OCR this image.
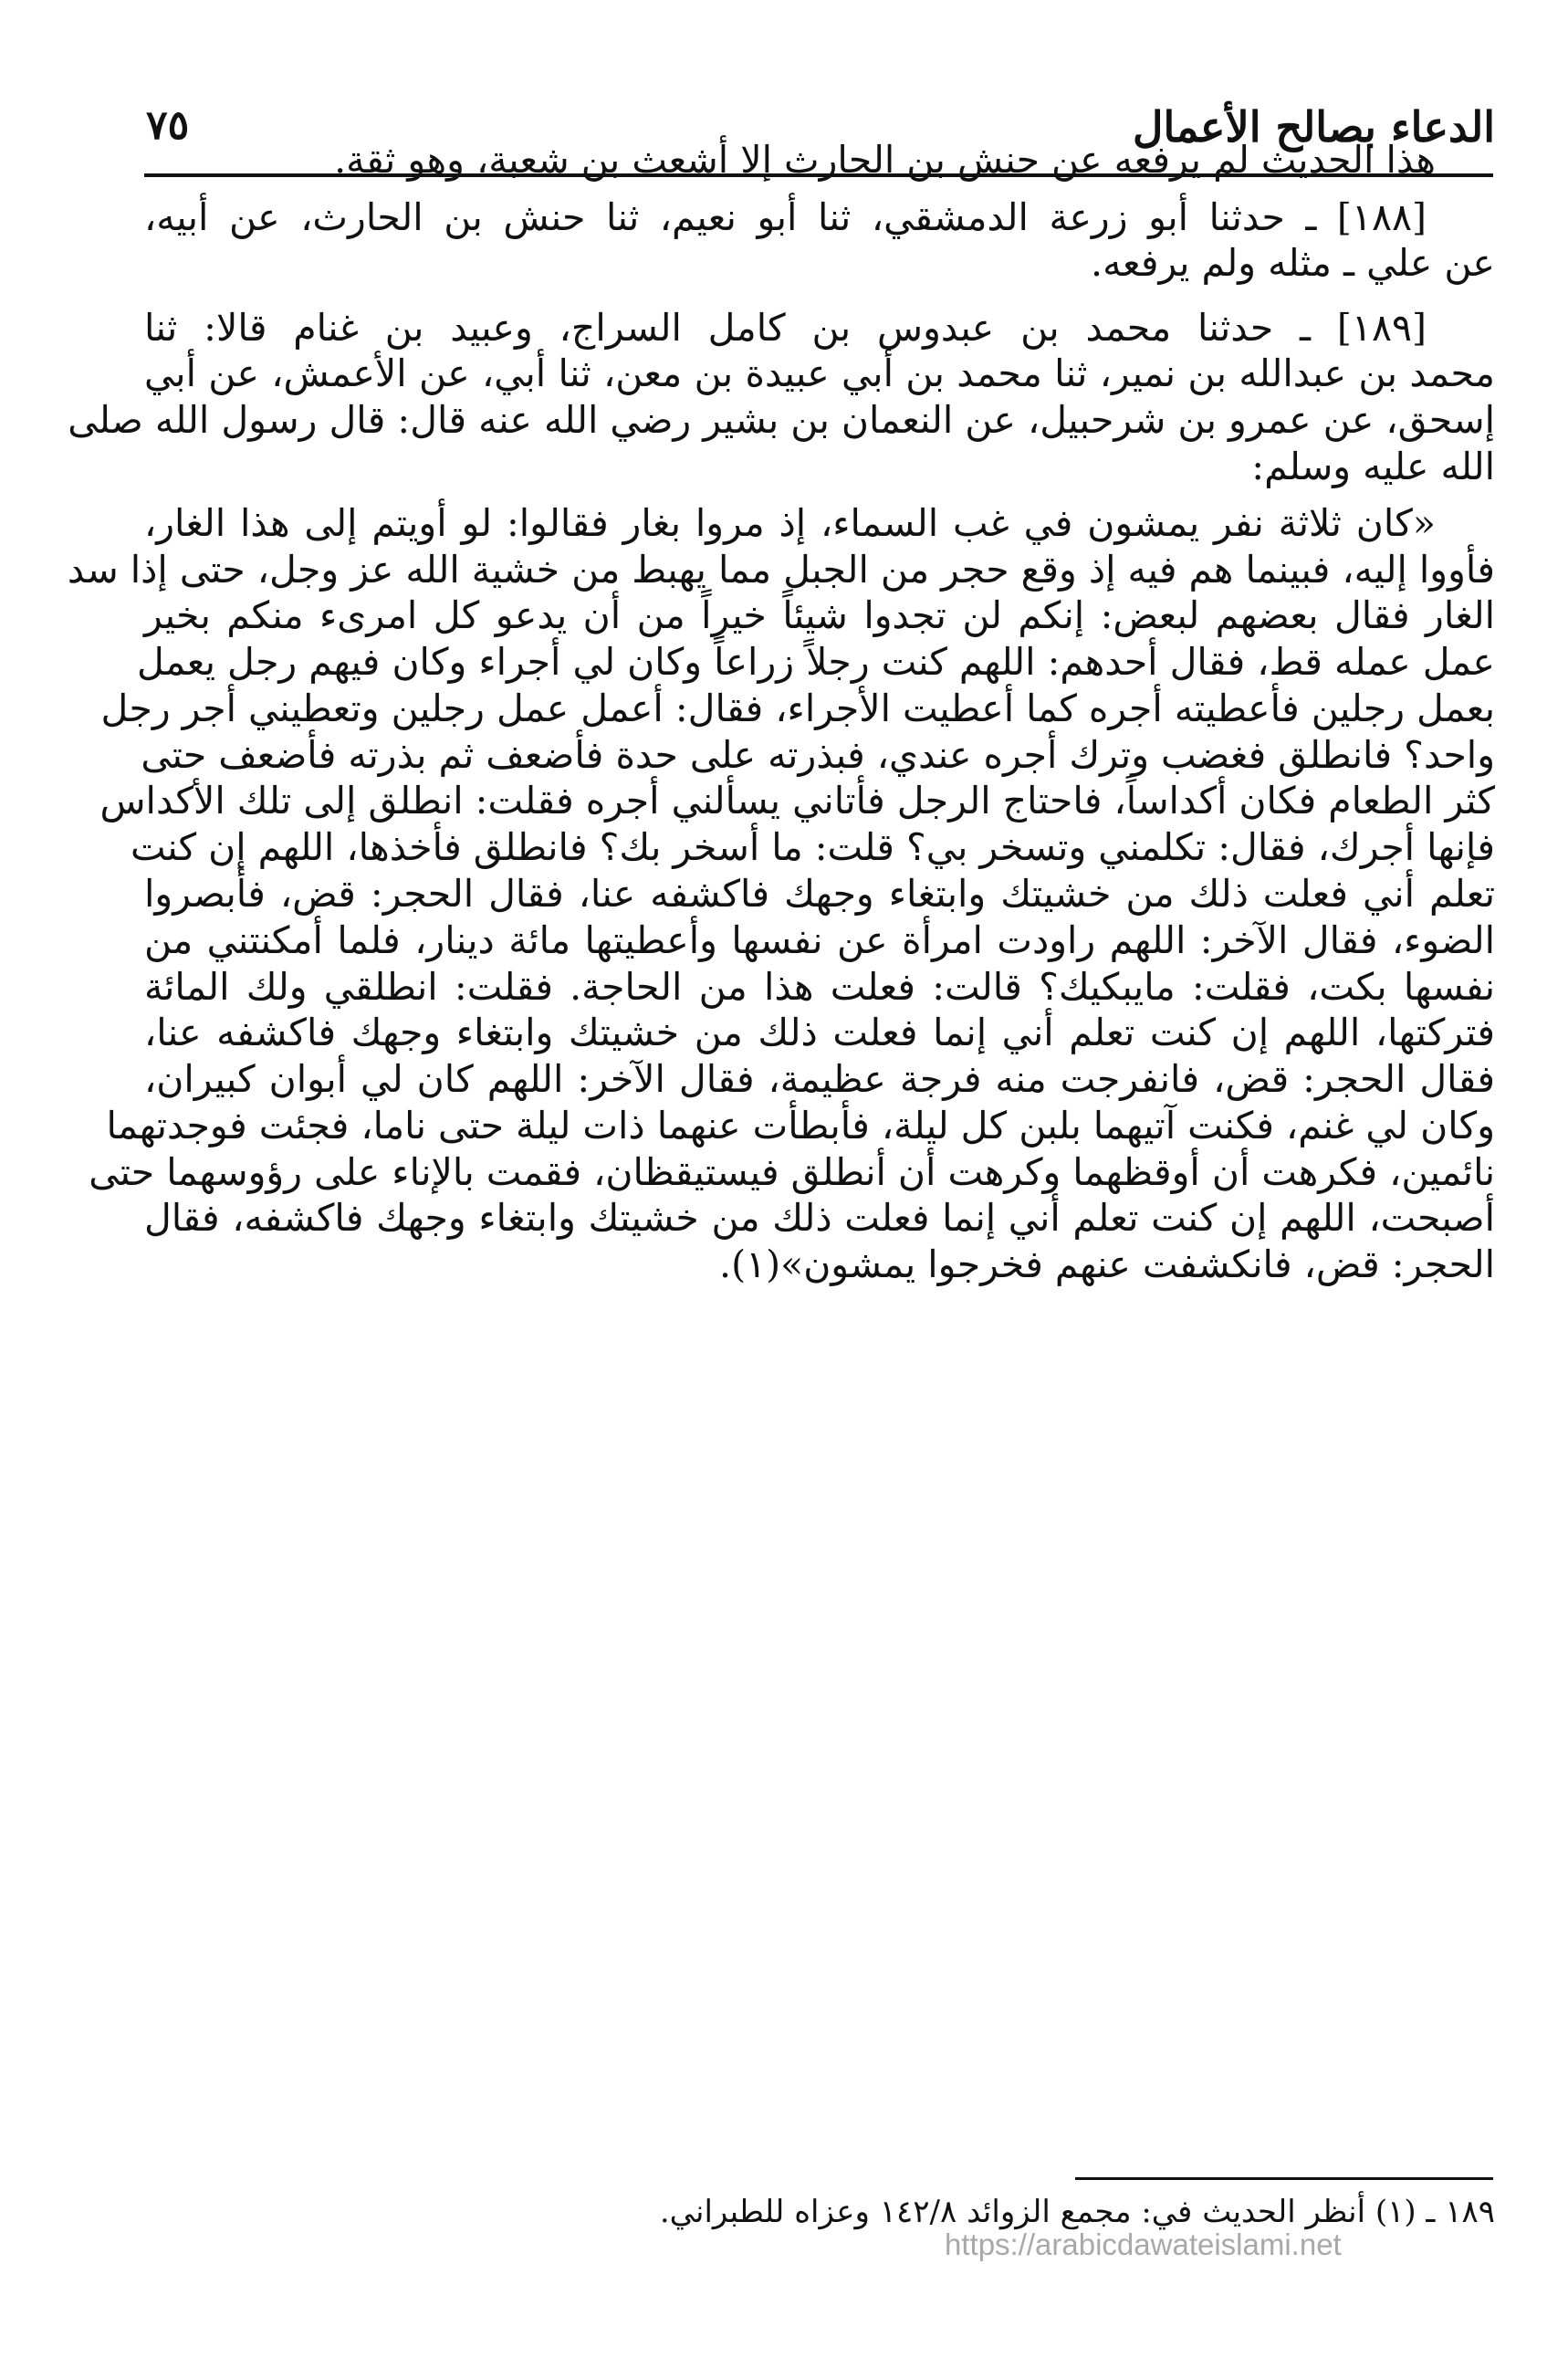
الدعاء بصالح الأعمال
٧٥
هذا الحديث لم يرفعه عن حنش بن الحارث إلا أشعث بن شعبة، وهو ثقة.
[١٨٨] ـ حدثنا أبو زرعة الدمشقي، ثنا أبو نعيم، ثنا حنش بن الحارث، عن أبيه،
عن علي ـ مثله ولم يرفعه.
[١٨٩] ـ حدثنا محمد بن عبدوس بن كامل السراج، وعبيد بن غنام قالا: ثنا
محمد بن عبدالله بن نمير، ثنا محمد بن أبي عبيدة بن معن، ثنا أبي، عن الأعمش، عن أبي
إسحق، عن عمرو بن شرحبيل، عن النعمان بن بشير رضي الله عنه قال: قال رسول الله صلى
الله عليه وسلم:
«كان ثلاثة نفر يمشون في غب السماء، إذ مروا بغار فقالوا: لو أويتم إلى هذا الغار،
فأووا إليه، فبينما هم فيه إذ وقع حجر من الجبل مما يهبط من خشية الله عز وجل، حتى إذا سد
الغار فقال بعضهم لبعض: إنكم لن تجدوا شيئاً خيراً من أن يدعو كل امرىء منكم بخير
عمل عمله قط، فقال أحدهم: اللهم كنت رجلاً زراعاً وكان لي أجراء وكان فيهم رجل يعمل
بعمل رجلين فأعطيته أجره كما أعطيت الأجراء، فقال: أعمل عمل رجلين وتعطيني أجر رجل
واحد؟ فانطلق فغضب وترك أجره عندي، فبذرته على حدة فأضعف ثم بذرته فأضعف حتى
كثر الطعام فكان أكداساً، فاحتاج الرجل فأتاني يسألني أجره فقلت: انطلق إلى تلك الأكداس
فإنها أجرك، فقال: تكلمني وتسخر بي؟ قلت: ما أسخر بك؟ فانطلق فأخذها، اللهم إن كنت
تعلم أني فعلت ذلك من خشيتك وابتغاء وجهك فاكشفه عنا، فقال الحجر: قض، فأبصروا
الضوء، فقال الآخر: اللهم راودت امرأة عن نفسها وأعطيتها مائة دينار، فلما أمكنتني من
نفسها بكت، فقلت: مايبكيك؟ قالت: فعلت هذا من الحاجة. فقلت: انطلقي ولك المائة
فتركتها، اللهم إن كنت تعلم أني إنما فعلت ذلك من خشيتك وابتغاء وجهك فاكشفه عنا،
فقال الحجر: قض، فانفرجت منه فرجة عظيمة، فقال الآخر: اللهم كان لي أبوان كبيران،
وكان لي غنم، فكنت آتيهما بلبن كل ليلة، فأبطأت عنهما ذات ليلة حتى ناما، فجئت فوجدتهما
نائمين، فكرهت أن أوقظهما وكرهت أن أنطلق فيستيقظان، فقمت بالإناء على رؤوسهما حتى
أصبحت، اللهم إن كنت تعلم أني إنما فعلت ذلك من خشيتك وابتغاء وجهك فاكشفه، فقال
الحجر: قض، فانكشفت عنهم فخرجوا يمشون»(١).
١٨٩ ـ (١) أنظر الحديث في: مجمع الزوائد ١٤٢/٨ وعزاه للطبراني.
https://arabicdawateislami.net
